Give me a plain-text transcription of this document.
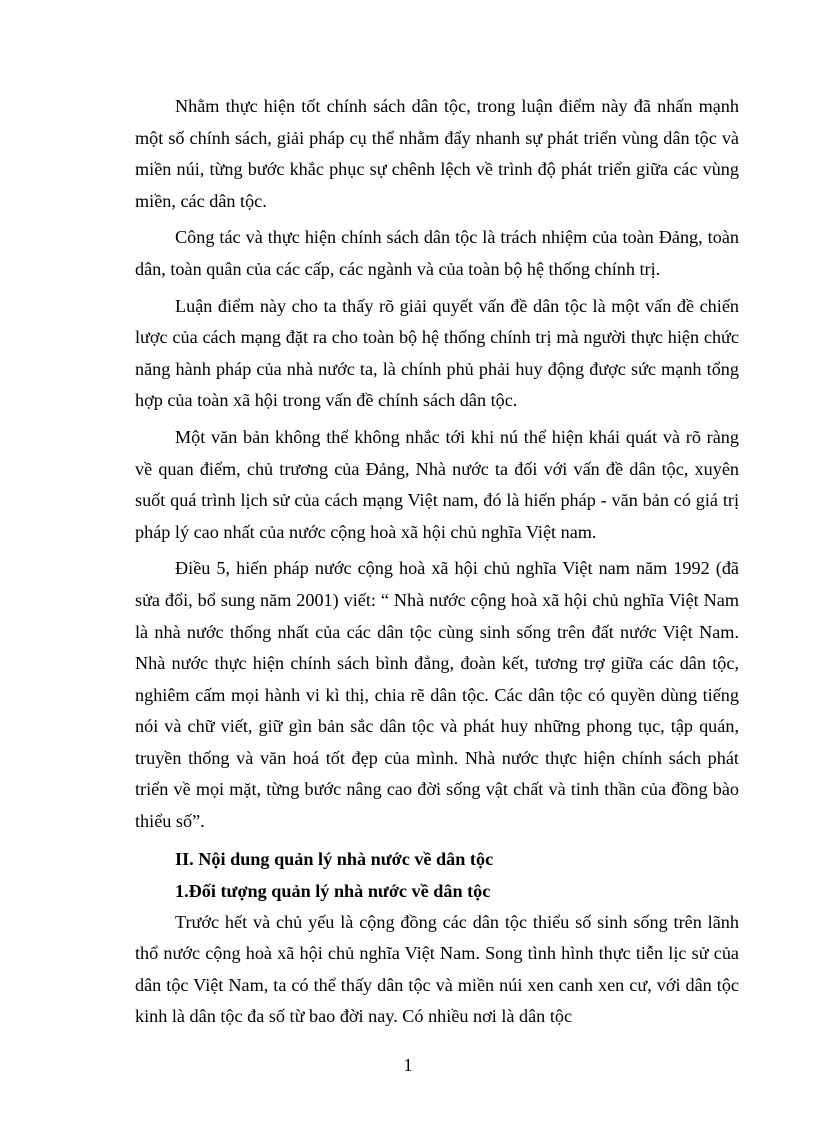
Nhằm thực hiện tốt chính sách dân tộc, trong luận điểm này đã nhấn mạnh một số chính sách, giải pháp cụ thể nhằm đẩy nhanh sự phát triển vùng dân tộc và miền núi, từng bước khắc phục sự chênh lệch về trình độ phát triển giữa các vùng miền, các dân tộc.

Công tác và thực hiện chính sách dân tộc là trách nhiệm của toàn Đảng, toàn dân, toàn quân của các cấp, các ngành và của toàn bộ hệ thống chính trị.

Luận điểm này cho ta thấy rõ giải quyết vấn đề dân tộc là một vấn đề chiến lược của cách mạng đặt ra cho toàn bộ hệ thống chính trị mà người thực hiện chức năng hành pháp của nhà nước ta, là chính phủ phải huy động được sức mạnh tổng hợp của toàn xã hội trong vấn đề chính sách dân tộc.

Một văn bản không thể không nhắc tới khi nú thể hiện khái quát và rõ ràng về quan điểm, chủ trương của Đảng, Nhà nước ta đối với vấn đề dân tộc, xuyên suốt quá trình lịch sử của cách mạng Việt nam, đó là hiến pháp - văn bản có giá trị pháp lý cao nhất của nước cộng hoà xã hội chủ nghĩa Việt nam.

Điều 5, hiến pháp nước cộng hoà xã hội chủ nghĩa Việt nam năm 1992 (đã sửa đổi, bổ sung năm 2001) viết: “ Nhà nước cộng hoà xã hội chủ nghĩa Việt Nam là nhà nước thống nhất của các dân tộc cùng sinh sống trên đất nước Việt Nam. Nhà nước thực hiện chính sách bình đẳng, đoàn kết, tương trợ giữa các dân tộc, nghiêm cấm mọi hành vi kì thị, chia rẽ dân tộc. Các dân tộc có quyền dùng tiếng nói và chữ viết, giữ gìn bản sắc dân tộc và phát huy những phong tục, tập quán, truyền thống và văn hoá tốt đẹp của mình. Nhà nước thực hiện chính sách phát triển về mọi mặt, từng bước nâng cao đời sống vật chất và tinh thần của đồng bào thiểu số”.

II. Nội dung quản lý nhà nước về dân tộc

1.Đối tượng quản lý nhà nước về dân tộc

Trước hết và chủ yếu là cộng đồng các dân tộc thiểu số sinh sống trên lãnh thổ nước cộng hoà xã hội chủ nghĩa Việt Nam. Song tình hình thực tiễn lịc sử của dân tộc Việt Nam, ta có thể thấy dân tộc và miền núi xen canh xen cư, với dân tộc kinh là dân tộc đa số từ bao đời nay. Có nhiều nơi là dân tộc

1
